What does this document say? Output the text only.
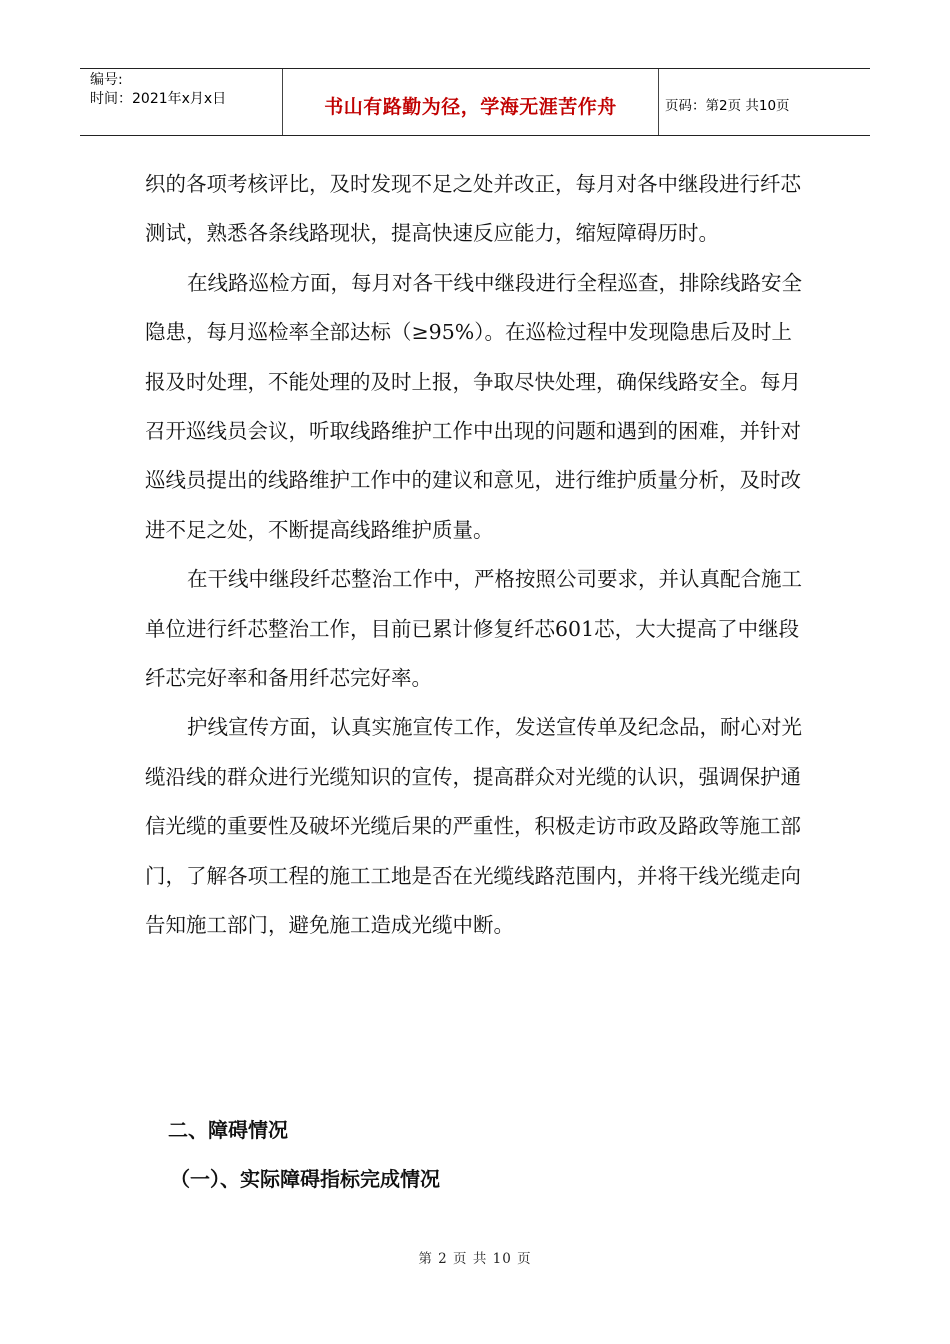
编号:
时间：2021年x月x日	书山有路勤为径，学海无涯苦作舟	页码：第2页 共10页

织的各项考核评比，及时发现不足之处并改正，每月对各中继段进行纤芯测试，熟悉各条线路现状，提高快速反应能力，缩短障碍历时。

在线路巡检方面，每月对各干线中继段进行全程巡查，排除线路安全隐患，每月巡检率全部达标（≥95%）。在巡检过程中发现隐患后及时上报及时处理，不能处理的及时上报，争取尽快处理，确保线路安全。每月召开巡线员会议，听取线路维护工作中出现的问题和遇到的困难，并针对巡线员提出的线路维护工作中的建议和意见，进行维护质量分析，及时改进不足之处，不断提高线路维护质量。

在干线中继段纤芯整治工作中，严格按照公司要求，并认真配合施工单位进行纤芯整治工作，目前已累计修复纤芯601芯，大大提高了中继段纤芯完好率和备用纤芯完好率。

护线宣传方面，认真实施宣传工作，发送宣传单及纪念品，耐心对光缆沿线的群众进行光缆知识的宣传，提高群众对光缆的认识，强调保护通信光缆的重要性及破坏光缆后果的严重性，积极走访市政及路政等施工部门，了解各项工程的施工工地是否在光缆线路范围内，并将干线光缆走向告知施工部门，避免施工造成光缆中断。

二、障碍情况
（一）、实际障碍指标完成情况
第 2 页 共 10 页
